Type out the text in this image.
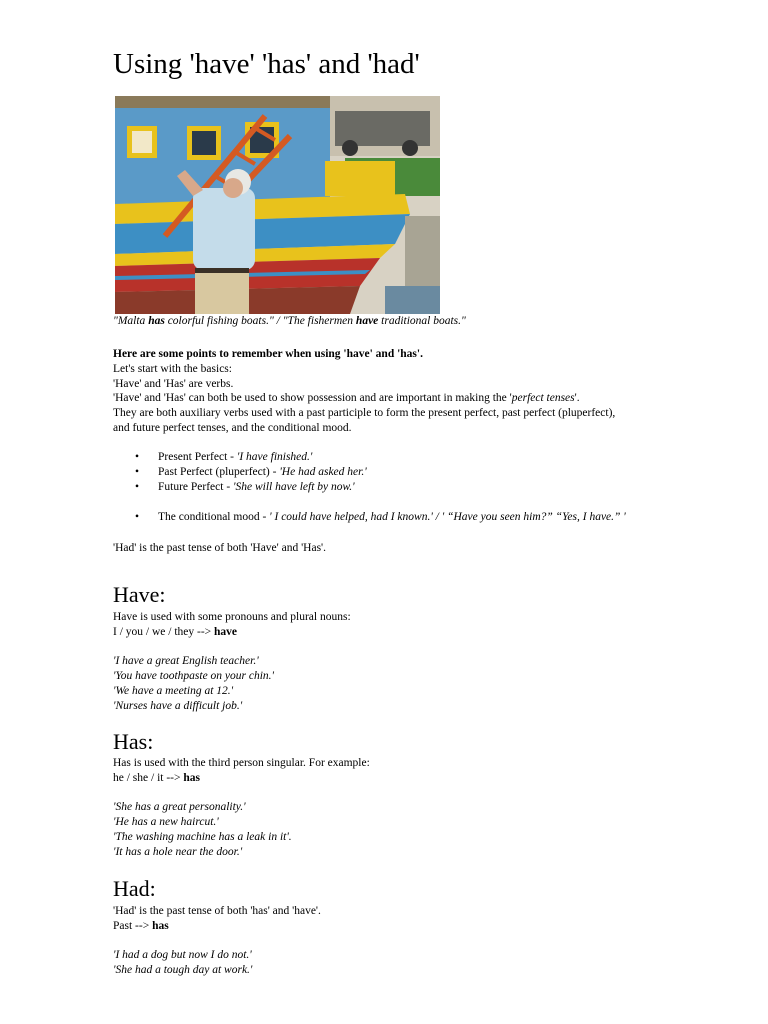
Using 'have' 'has' and 'had'
"Malta has colorful fishing boats." / "The fishermen have traditional boats."

Here are some points to remember when using 'have' and 'has'.

Let's start with the basics:

'Have' and 'Has' are verbs.

'Have' and 'Has' can both be used to show possession and are important in making the 'perfect tenses'.

They are both auxiliary verbs used with a past participle to form the present perfect, past perfect (pluperfect),

and future perfect tenses, and the conditional mood.

• Present Perfect - 'I have finished.'
• Past Perfect (pluperfect) - 'He had asked her.'
• Future Perfect - 'She will have left by now.'
• The conditional mood - ' I could have helped, had I known.' / ' “Have you seen him?” “Yes, I have.” '

'Had' is the past tense of both 'Have' and 'Has'.

Have:

Have is used with some pronouns and plural nouns:

I / you / we / they --> have

'I have a great English teacher.'

'You have toothpaste on your chin.'

'We have a meeting at 12.'

'Nurses have a difficult job.'

Has:

Has is used with the third person singular. For example:

he / she / it --> has

'She has a great personality.'

'He has a new haircut.'

'The washing machine has a leak in it'.

'It has a hole near the door.'

Had:

'Had' is the past tense of both 'has' and 'have'.

Past --> has

'I had a dog but now I do not.'

'She had a tough day at work.'
